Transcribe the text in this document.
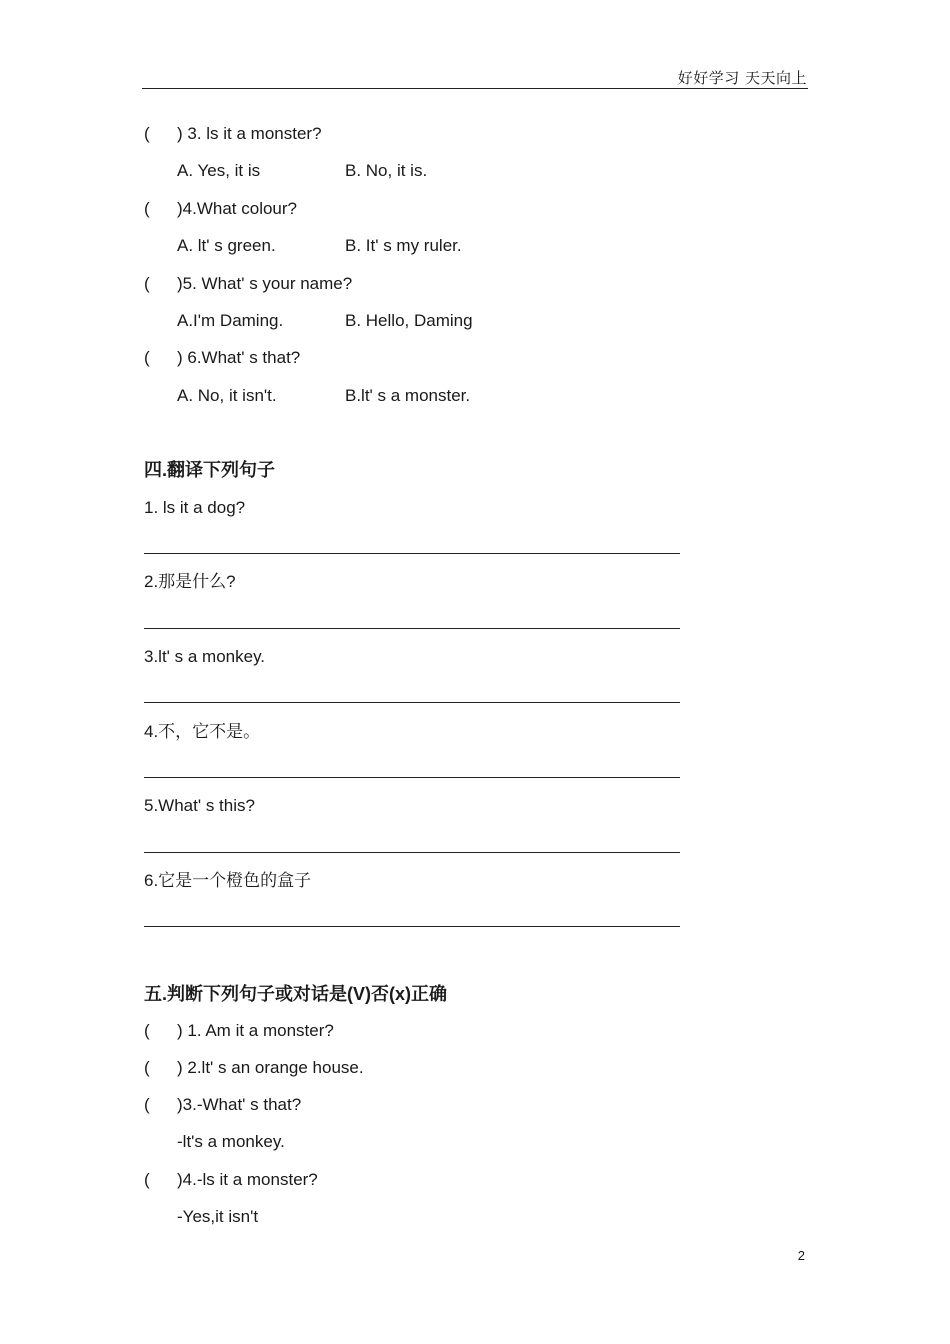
好好学习 天天向上
( ) 3. ls it a monster?
A. Yes, it is	B. No, it is.
( )4.What colour?
A. lt' s green.	B. It' s my ruler.
( )5. What' s your name?
A.I'm Daming.	B. Hello, Daming
( ) 6.What' s that?
A. No, it isn't.	B.lt' s a monster.
四.翻译下列句子
1. ls it a dog?
2.那是什么?
3.lt' s a monkey.
4.不，它不是。
5.What' s this?
6.它是一个橙色的盒子
五.判断下列句子或对话是(V)否(x)正确
( ) 1. Am it a monster?
( ) 2.lt' s an orange house.
( )3.-What' s that?
-lt's a monkey.
( )4.-ls it a monster?
-Yes,it isn't
2
